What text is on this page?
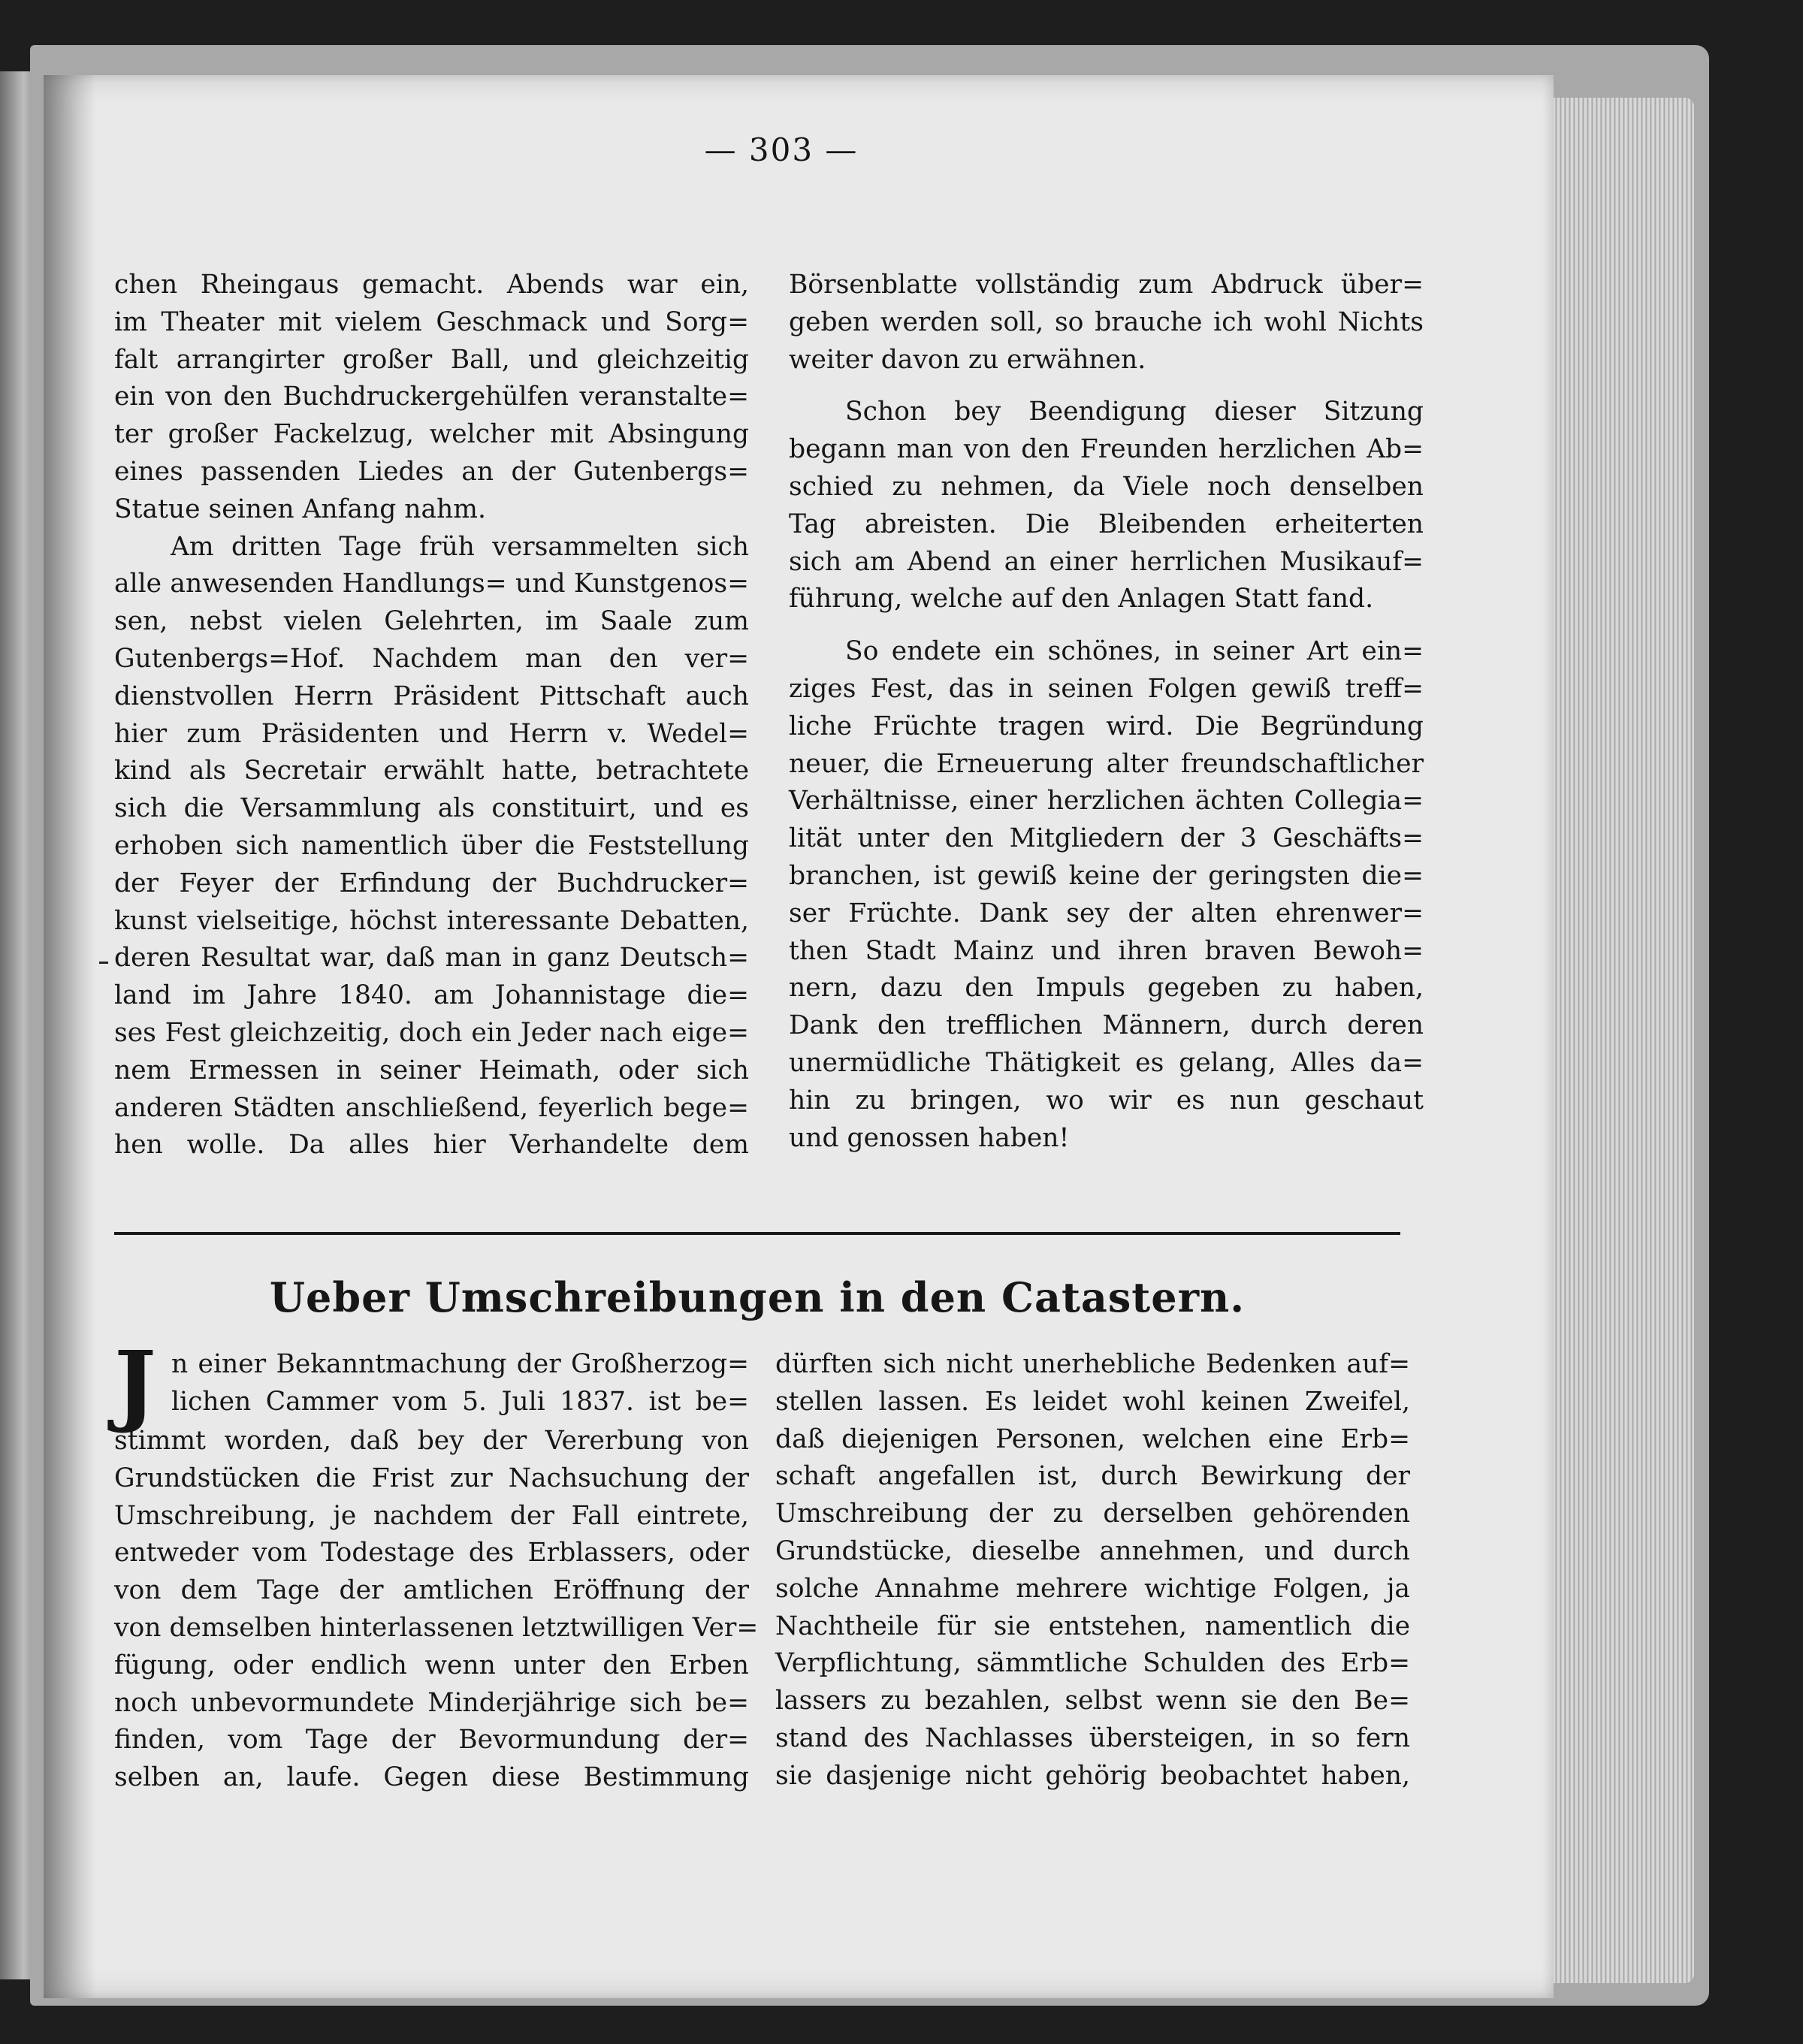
— 303 —
chen Rheingaus gemacht. Abends war ein,
im Theater mit vielem Geschmack und Sorg=
falt arrangirter großer Ball, und gleichzeitig
ein von den Buchdruckergehülfen veranstalte=
ter großer Fackelzug, welcher mit Absingung
eines passenden Liedes an der Gutenbergs=
Statue seinen Anfang nahm.
Am dritten Tage früh versammelten sich
alle anwesenden Handlungs= und Kunstgenos=
sen, nebst vielen Gelehrten, im Saale zum
Gutenbergs=Hof. Nachdem man den ver=
dienstvollen Herrn Präsident Pittschaft auch
hier zum Präsidenten und Herrn v. Wedel=
kind als Secretair erwählt hatte, betrachtete
sich die Versammlung als constituirt, und es
erhoben sich namentlich über die Feststellung
der Feyer der Erfindung der Buchdrucker=
kunst vielseitige, höchst interessante Debatten,
deren Resultat war, daß man in ganz Deutsch=
land im Jahre 1840. am Johannistage die=
ses Fest gleichzeitig, doch ein Jeder nach eige=
nem Ermessen in seiner Heimath, oder sich
anderen Städten anschließend, feyerlich bege=
hen wolle. Da alles hier Verhandelte dem
Börsenblatte vollständig zum Abdruck über=
geben werden soll, so brauche ich wohl Nichts
weiter davon zu erwähnen.
Schon bey Beendigung dieser Sitzung
begann man von den Freunden herzlichen Ab=
schied zu nehmen, da Viele noch denselben
Tag abreisten. Die Bleibenden erheiterten
sich am Abend an einer herrlichen Musikauf=
führung, welche auf den Anlagen Statt fand.
So endete ein schönes, in seiner Art ein=
ziges Fest, das in seinen Folgen gewiß treff=
liche Früchte tragen wird. Die Begründung
neuer, die Erneuerung alter freundschaftlicher
Verhältnisse, einer herzlichen ächten Collegia=
lität unter den Mitgliedern der 3 Geschäfts=
branchen, ist gewiß keine der geringsten die=
ser Früchte. Dank sey der alten ehrenwer=
then Stadt Mainz und ihren braven Bewoh=
nern, dazu den Impuls gegeben zu haben,
Dank den trefflichen Männern, durch deren
unermüdliche Thätigkeit es gelang, Alles da=
hin zu bringen, wo wir es nun geschaut
und genossen haben!
Ueber Umschreibungen in den Catastern.
J n einer Bekanntmachung der Großherzog=
lichen Cammer vom 5. Juli 1837. ist be=
stimmt worden, daß bey der Vererbung von
Grundstücken die Frist zur Nachsuchung der
Umschreibung, je nachdem der Fall eintrete,
entweder vom Todestage des Erblassers, oder
von dem Tage der amtlichen Eröffnung der
von demselben hinterlassenen letztwilligen Ver=
fügung, oder endlich wenn unter den Erben
noch unbevormundete Minderjährige sich be=
finden, vom Tage der Bevormundung der=
selben an, laufe. Gegen diese Bestimmung
dürften sich nicht unerhebliche Bedenken auf=
stellen lassen. Es leidet wohl keinen Zweifel,
daß diejenigen Personen, welchen eine Erb=
schaft angefallen ist, durch Bewirkung der
Umschreibung der zu derselben gehörenden
Grundstücke, dieselbe annehmen, und durch
solche Annahme mehrere wichtige Folgen, ja
Nachtheile für sie entstehen, namentlich die
Verpflichtung, sämmtliche Schulden des Erb=
lassers zu bezahlen, selbst wenn sie den Be=
stand des Nachlasses übersteigen, in so fern
sie dasjenige nicht gehörig beobachtet haben,
